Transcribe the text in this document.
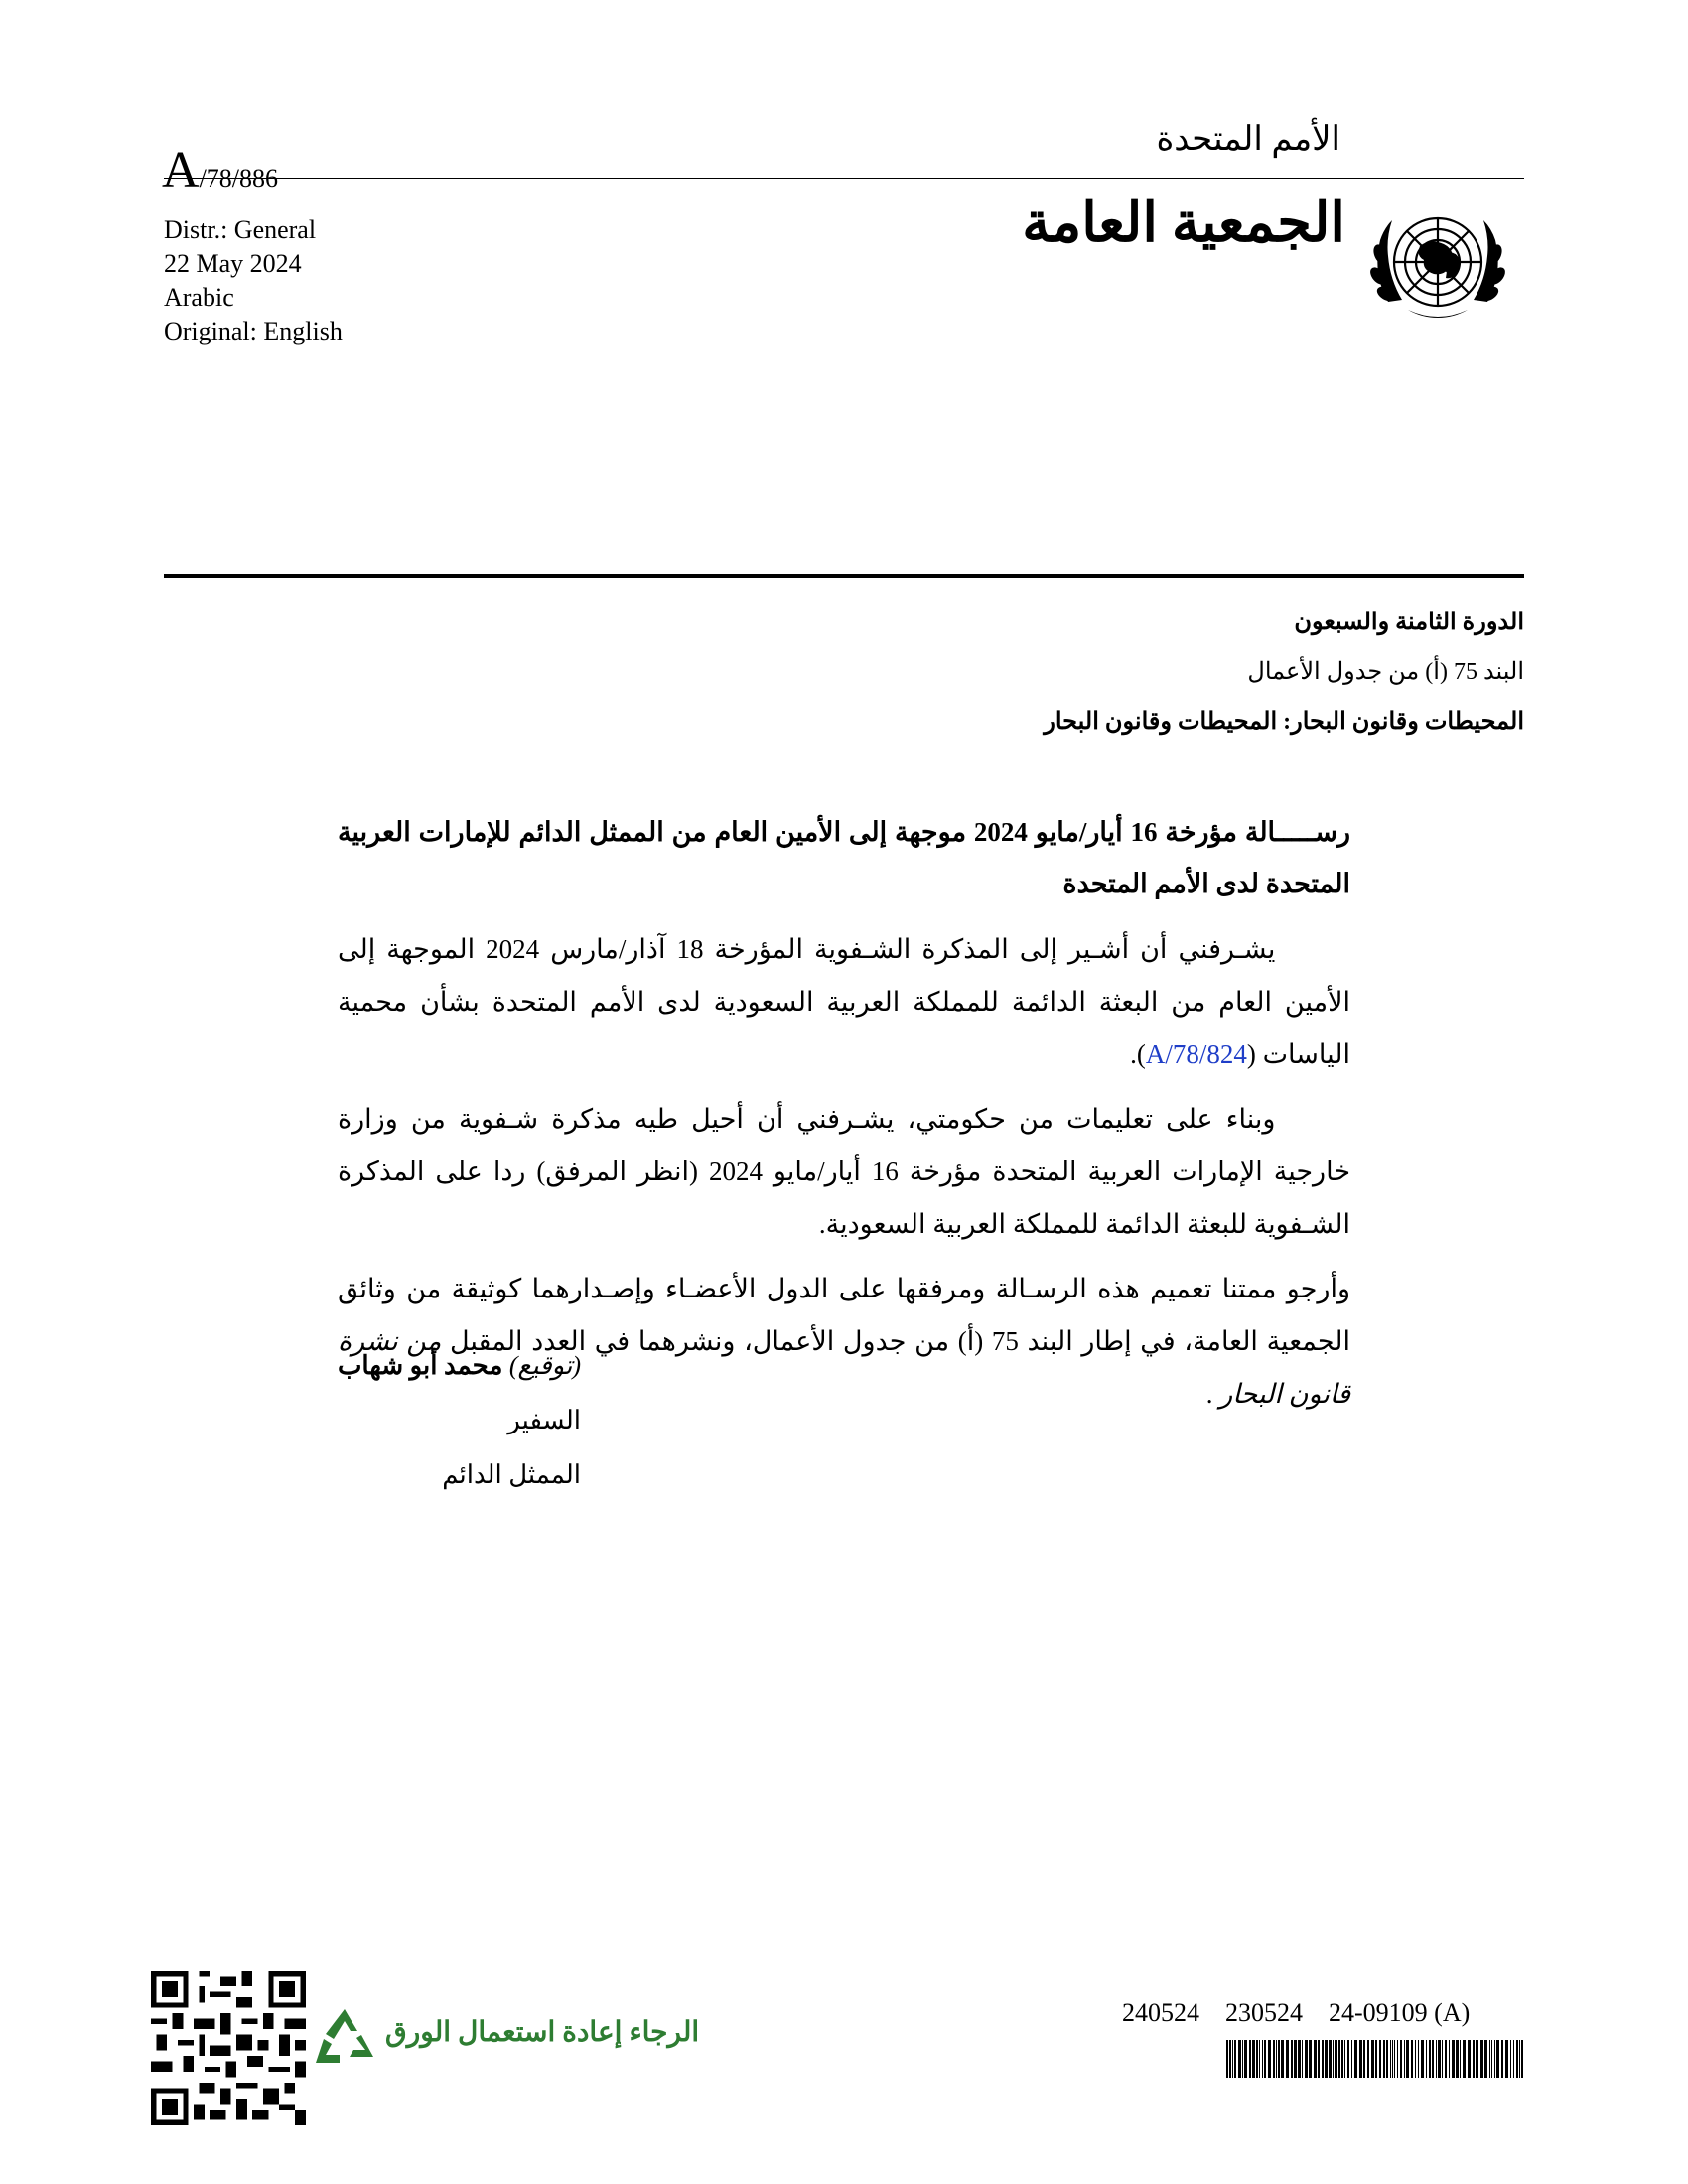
A/78/886
الأمم المتحدة
الجمعية العامة
Distr.: General
22 May 2024
Arabic
Original: English
الدورة الثامنة والسبعون
البند 75 (أ) من جدول الأعمال
المحيطات وقانون البحار: المحيطات وقانون البحار
رســـــالة مؤرخة 16 أيار/مايو 2024 موجهة إلى الأمين العام من الممثل الدائم للإمارات العربية المتحدة لدى الأمم المتحدة
يشـرفني أن أشـير إلى المذكرة الشـفوية المؤرخة 18 آذار/مارس 2024 الموجهة إلى الأمين العام من البعثة الدائمة للمملكة العربية السعودية لدى الأمم المتحدة بشأن محمية الياسات (A/78/824).
وبناء على تعليمات من حكومتي، يشـرفني أن أحيل طيه مذكرة شـفوية من وزارة خارجية الإمارات العربية المتحدة مؤرخة 16 أيار/مايو 2024 (انظر المرفق) ردا على المذكرة الشـفوية للبعثة الدائمة للمملكة العربية السعودية.
وأرجو ممتنا تعميم هذه الرسـالة ومرفقها على الدول الأعضـاء وإصـدارهما كوثيقة من وثائق الجمعية العامة، في إطار البند 75 (أ) من جدول الأعمال، ونشرهما في العدد المقبل من نشرة قانون البحار .
(توقيع) محمد أبو شهاب
السفير
الممثل الدائم
الرجاء إعادة استعمال الورق
240524 230524 24-09109 (A)
